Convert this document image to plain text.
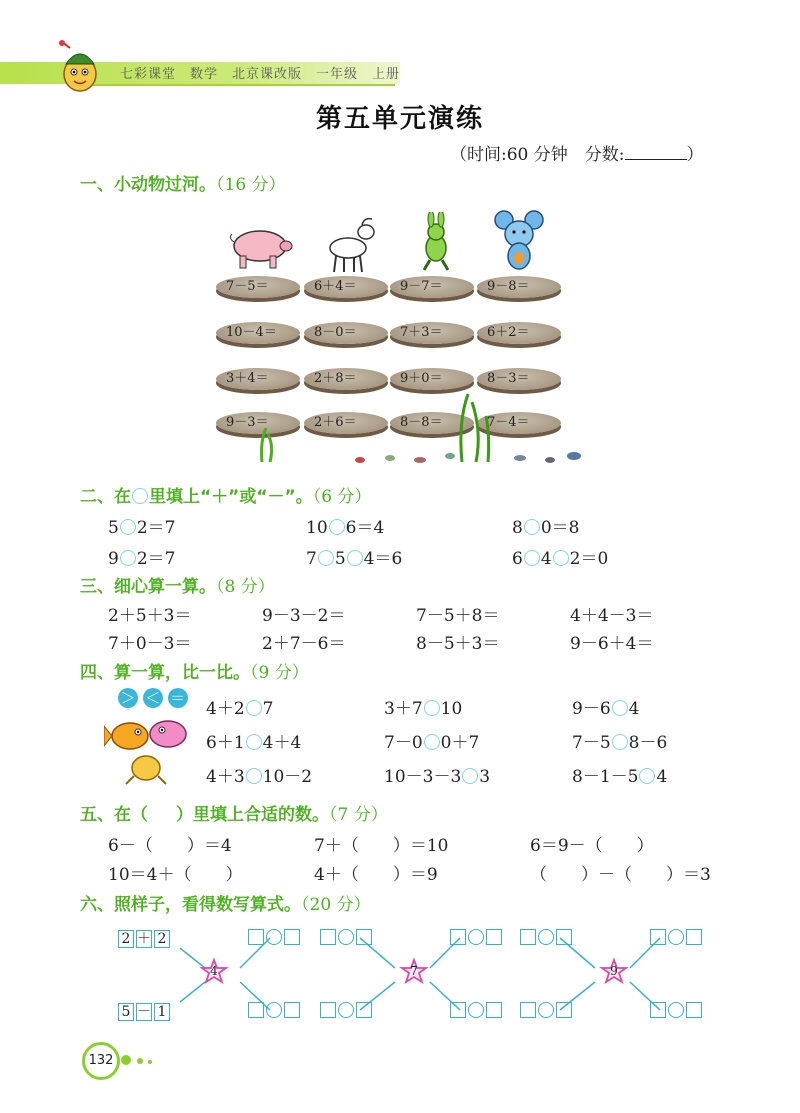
七彩课堂　数学　北京课改版　一年级　上册
第五单元演练
（时间:60 分钟　分数:	）
一、小动物过河。（16 分）
7－5＝	6＋4＝	9－7＝	9－8＝
10－4＝	8－0＝	7＋3＝	6＋2＝
3＋4＝	2＋8＝	9＋0＝	8－3＝
9－3＝	2＋6＝	8－8＝	7－4＝
二、在 里填上“＋”或“－”。（6 分）
5 2＝7	10 6＝4	8 0＝8
9 2＝7	7 5 4＝6	6 4 2＝0
三、细心算一算。（8 分）
2＋5＋3＝	9－3－2＝	7－5＋8＝	4＋4－3＝
7＋0－3＝	2＋7－6＝	8－5＋3＝	9－6＋4＝
四、算一算，比一比。（9 分）
＞ ＜ ＝
4＋2 7	3＋7 10	9－6 4
6＋1 4＋4	7－0 0＋7	7－5 8－6
4＋3 10－2	10－3－3 3	8－1－5 4
五、在（ ）里填上合适的数。（7 分）
6－（　　）＝4	7＋（　　）＝10	6＝9－（　　）
10＝4＋（　　）	4＋（　　）＝9	（　　）－（　　）＝3
六、照样子，看得数写算式。（20 分）
4	7	9
2 ＋ 2
5 － 1
132
